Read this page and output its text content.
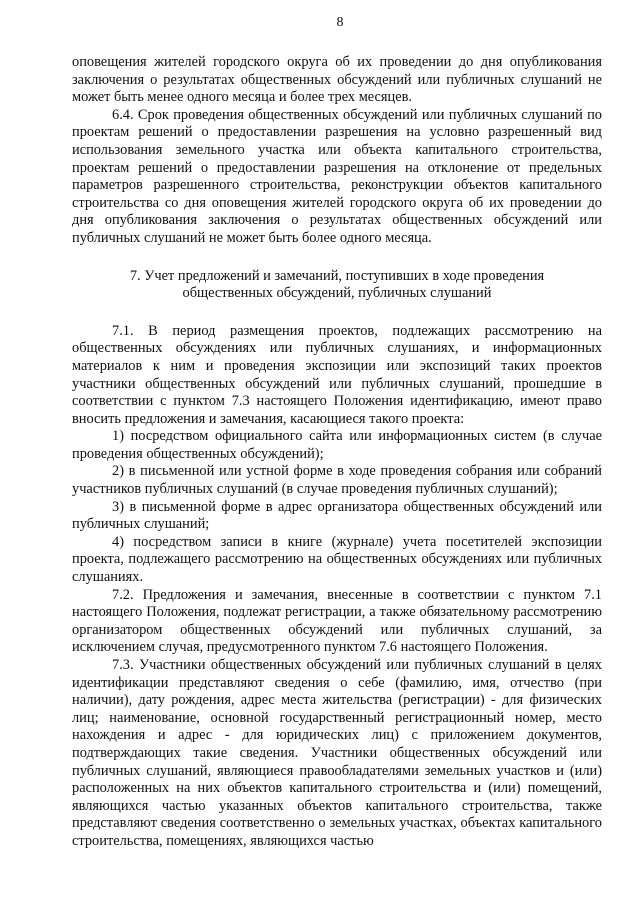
8

оповещения жителей городского округа об их проведении до дня опубликования заключения о результатах общественных обсуждений или публичных слушаний не может быть менее одного месяца и более трех месяцев.

6.4. Срок проведения общественных обсуждений или публичных слушаний по проектам решений о предоставлении разрешения на условно разрешенный вид использования земельного участка или объекта капитального строительства, проектам решений о предоставлении разрешения на отклонение от предельных параметров разрешенного строительства, реконструкции объектов капитального строительства со дня оповещения жителей городского округа об их проведении до дня опубликования заключения о результатах общественных обсуждений или публичных слушаний не может быть более одного месяца.

7. Учет предложений и замечаний, поступивших в ходе проведения
общественных обсуждений, публичных слушаний

7.1. В период размещения проектов, подлежащих рассмотрению на общественных обсуждениях или публичных слушаниях, и информационных материалов к ним и проведения экспозиции или экспозиций таких проектов участники общественных обсуждений или публичных слушаний, прошедшие в соответствии с пунктом 7.3 настоящего Положения идентификацию, имеют право вносить предложения и замечания, касающиеся такого проекта:

1) посредством официального сайта или информационных систем (в случае проведения общественных обсуждений);

2) в письменной или устной форме в ходе проведения собрания или собраний участников публичных слушаний (в случае проведения публичных слушаний);

3) в письменной форме в адрес организатора общественных обсуждений или публичных слушаний;

4) посредством записи в книге (журнале) учета посетителей экспозиции проекта, подлежащего рассмотрению на общественных обсуждениях или публичных слушаниях.

7.2. Предложения и замечания, внесенные в соответствии с пунктом 7.1 настоящего Положения, подлежат регистрации, а также обязательному рассмотрению организатором общественных обсуждений или публичных слушаний, за исключением случая, предусмотренного пунктом 7.6 настоящего Положения.

7.3. Участники общественных обсуждений или публичных слушаний в целях идентификации представляют сведения о себе (фамилию, имя, отчество (при наличии), дату рождения, адрес места жительства (регистрации) - для физических лиц; наименование, основной государственный регистрационный номер, место нахождения и адрес - для юридических лиц) с приложением документов, подтверждающих такие сведения. Участники общественных обсуждений или публичных слушаний, являющиеся правообладателями земельных участков и (или) расположенных на них объектов капитального строительства и (или) помещений, являющихся частью указанных объектов капитального строительства, также представляют сведения соответственно о земельных участках, объектах капитального строительства, помещениях, являющихся частью
